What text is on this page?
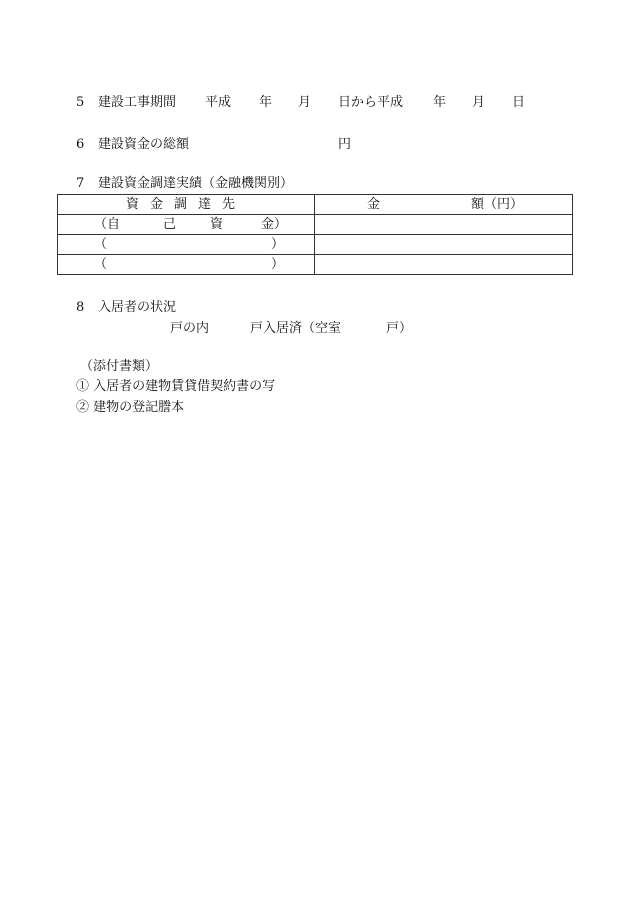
5 建設工事期間 平成 年 月 日から平成 年 月 日
6 建設資金の総額	円
7 建設資金調達実績（金融機関別）
資金調達先	金 額（円）

（自 己 資 金）	

（ ）	

（ ）	

8 入居者の状況
戸の内	戸入居済（空室	戸）
（添付書類）
① 入居者の建物賃貸借契約書の写
② 建物の登記謄本
